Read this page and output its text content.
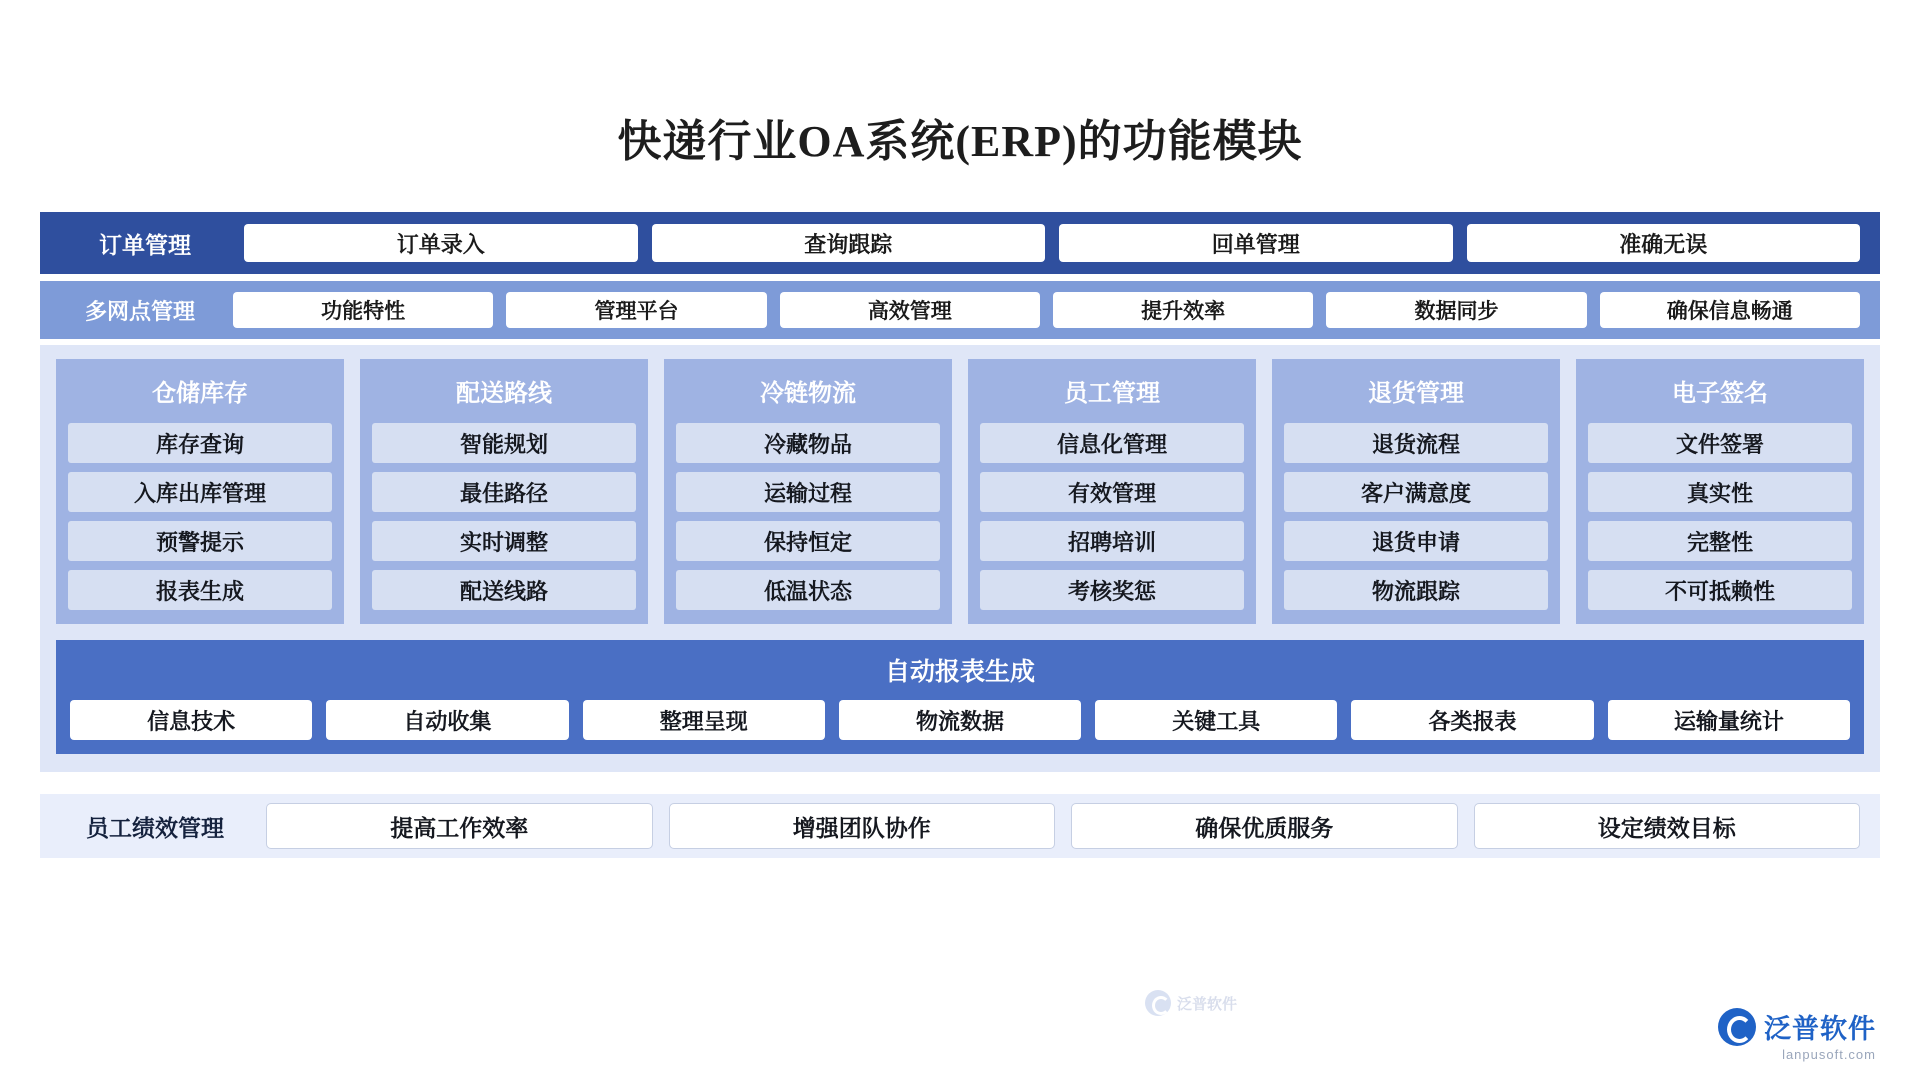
快递行业OA系统(ERP)的功能模块
订单管理	订单录入	查询跟踪	回单管理	准确无误
多网点管理	功能特性	管理平台	高效管理	提升效率	数据同步	确保信息畅通
仓储库存
库存查询
入库出库管理
预警提示
报表生成
配送路线
智能规划
最佳路径
实时调整
配送线路
冷链物流
冷藏物品
运输过程
保持恒定
低温状态
员工管理
信息化管理
有效管理
招聘培训
考核奖惩
退货管理
退货流程
客户满意度
退货申请
物流跟踪
电子签名
文件签署
真实性
完整性
不可抵赖性
自动报表生成
信息技术	自动收集	整理呈现	物流数据	关键工具	各类报表	运输量统计
泛普软件
员工绩效管理	提高工作效率	增强团队协作	确保优质服务	设定绩效目标
泛普软件
lanpusoft.com
